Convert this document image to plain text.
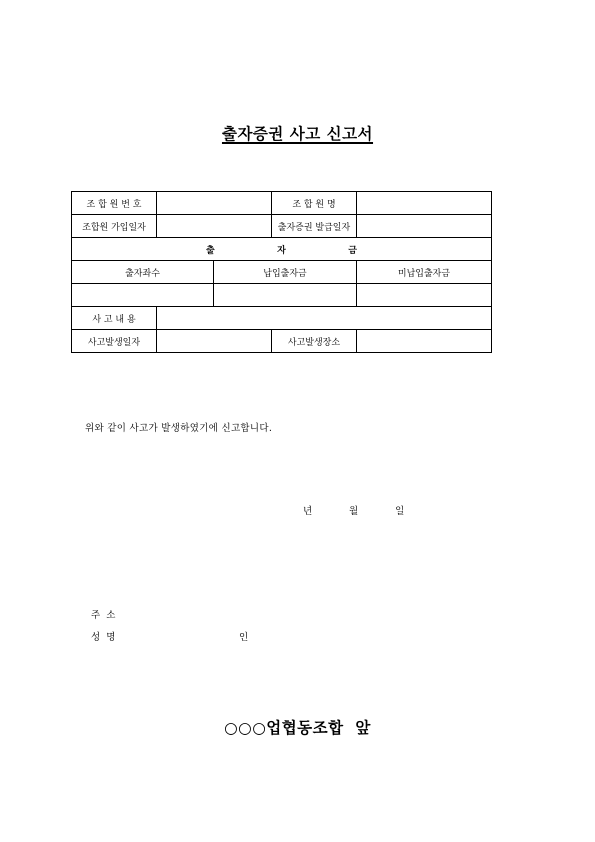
출자증권 사고 신고서
조 합 원 번 호			조 합 원 명	
조합원 가입일자			출자증권 발급일자	
출 자 금				
출자좌수		납입출자금		미납입출자금

사 고 내 용				
사고발생일자			사고발생장소	
위와 같이 사고가 발생하였기에 신고합니다.
년	월	일
주  소
성  명	인
○○○업협동조합  앞
